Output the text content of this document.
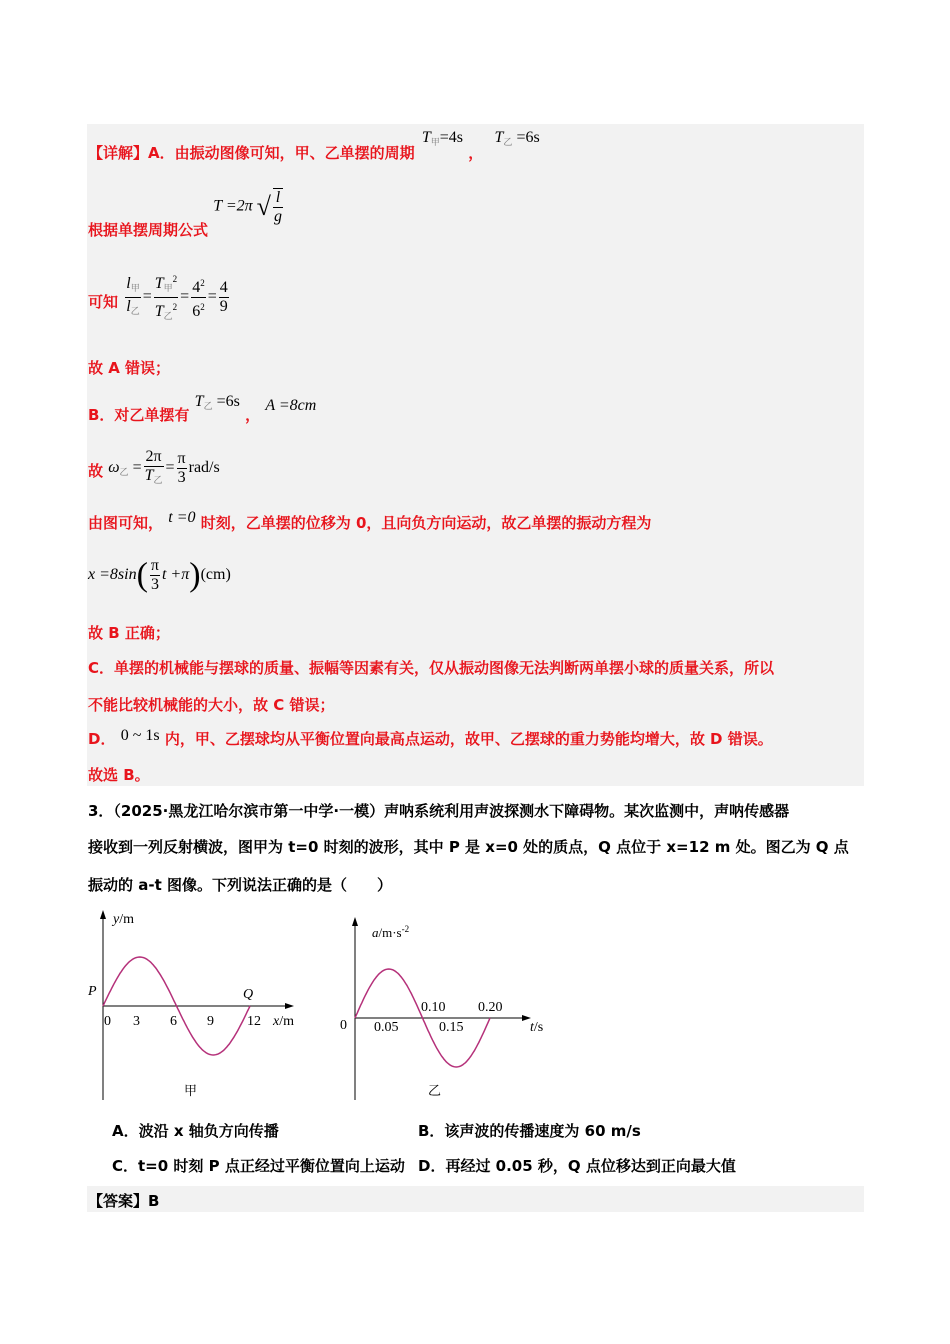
【详解】A．由振动图像可知，甲、乙单摆的周期 $T_甲=4s$ ， $T_乙 =6s$
根据单摆周期公式 T =2π √ $\frac{l}{g}$
可知 $\frac{l_甲}{l_乙} = \frac{T_甲^2}{T_乙^2} = \frac{4^2}{6^2} = \frac{4}{9}$
故 A 错误；
B．对乙单摆有 $T_乙 =6s$ ， A =8cm
故 $\omega_乙 = \frac{2\pi}{T_乙} = \frac{\pi}{3} rad/s$
由图可知， t =0 时刻，乙单摆的位移为 0，且向负方向运动，故乙单摆的振动方程为
$x =8\sin( \frac{\pi}{3}$ t +π)(cm)
故 B 正确；
C．单摆的机械能与摆球的质量、振幅等因素有关，仅从振动图像无法判断两单摆小球的质量关系，所以
不能比较机械能的大小，故 C 错误；
D． 0 ~ 1s 内，甲、乙摆球均从平衡位置向最高点运动，故甲、乙摆球的重力势能均增大，故 D 错误。
故选 B。
3．（2025·黑龙江哈尔滨市第一中学·一模）声呐系统利用声波探测水下障碍物。某次监测中，声呐传感器
接收到一列反射横波，图甲为 t=0 时刻的波形，其中 P 是 x=0 处的质点，Q 点位于 x=12 m 处。图乙为 Q 点
振动的 a-t 图像。下列说法正确的是（　　）
y/m
P	Q
x/m
0 3 6 9 12
甲
$a/m\cdot s^{-2}$
0 0.05	0.15
0.10 0.20
t/s
乙
A．波沿 x 轴负方向传播	B．该声波的传播速度为 60 m/s
C．t=0 时刻 P 点正经过平衡位置向上运动 D．再经过 0.05 秒，Q 点位移达到正向最大值
【答案】B
